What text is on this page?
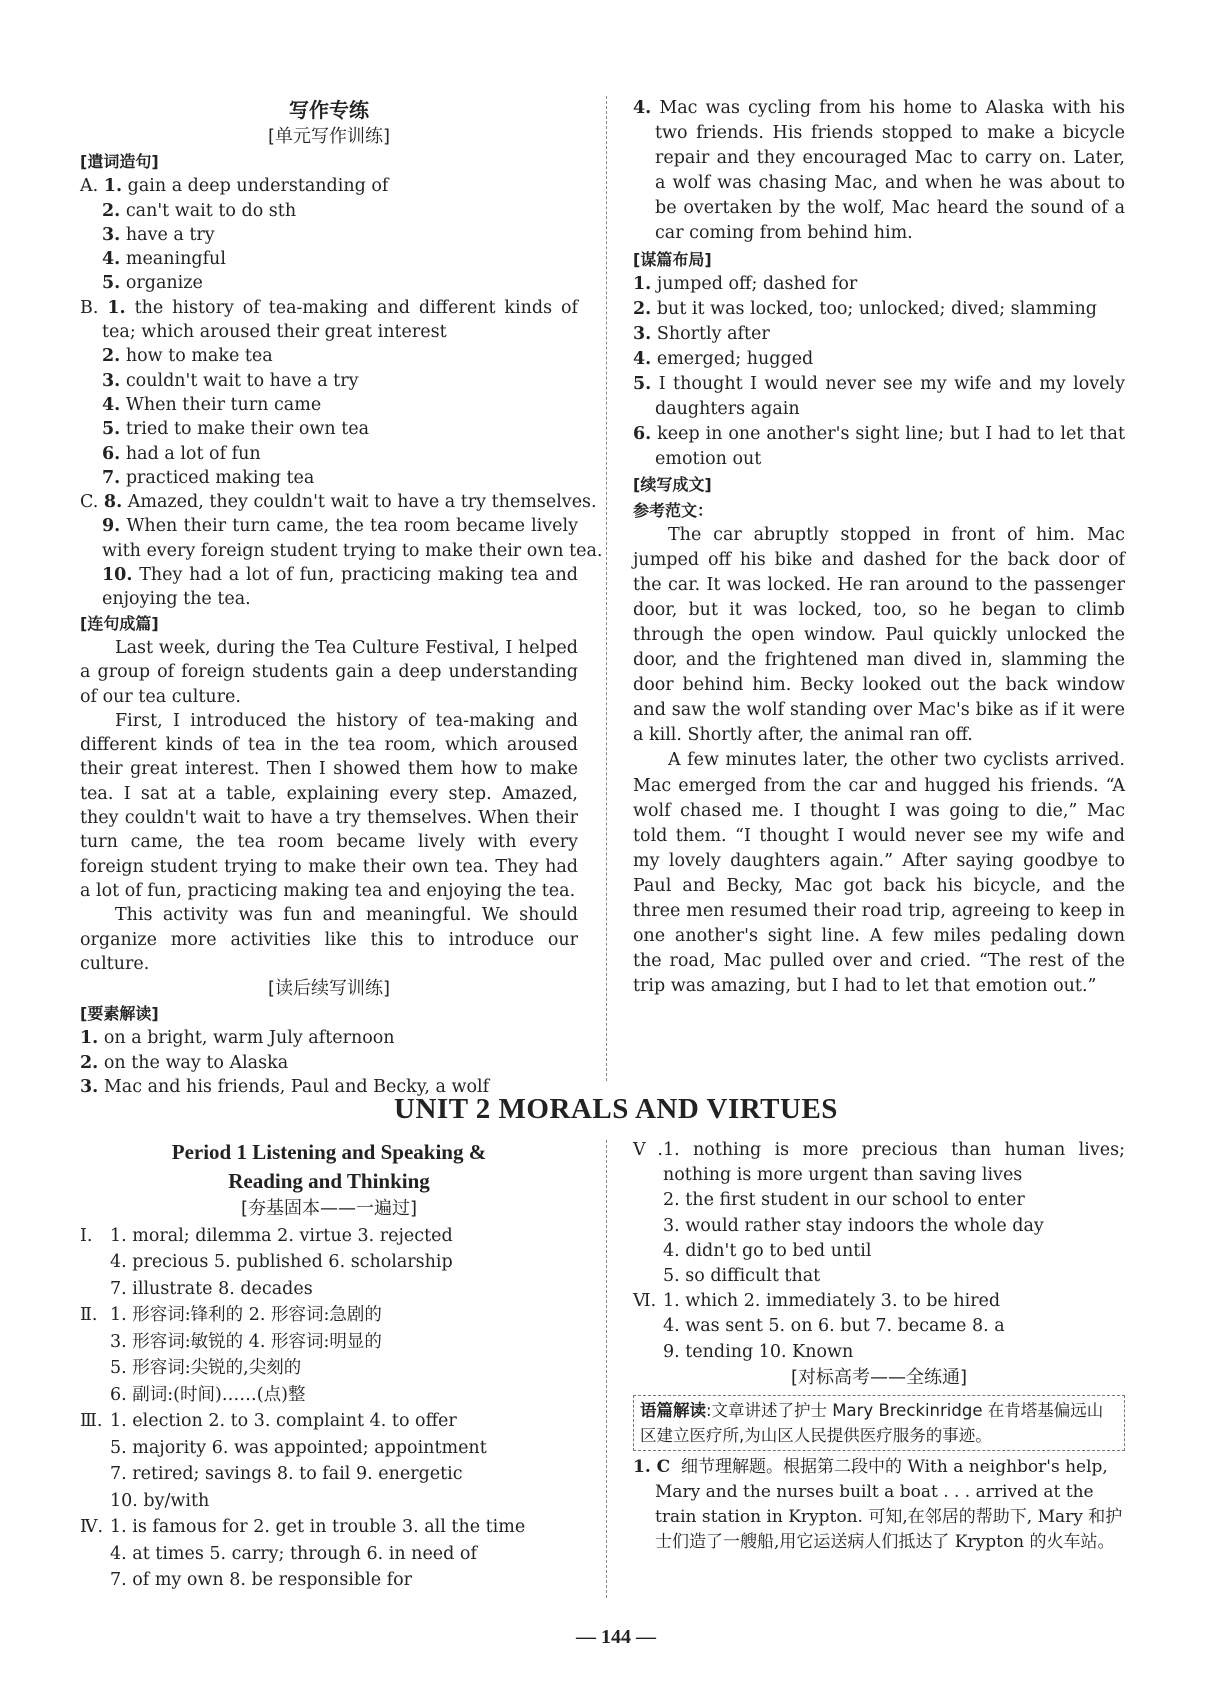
写作专练
[单元写作训练]
[遣词造句]
A. 1. gain a deep understanding of
2. can't wait to do sth
3. have a try
4. meaningful
5. organize
B. 1. the history of tea-making and different kinds of
tea; which aroused their great interest
2. how to make tea
3. couldn't wait to have a try
4. When their turn came
5. tried to make their own tea
6. had a lot of fun
7. practiced making tea
C. 8. Amazed, they couldn't wait to have a try themselves.
9. When their turn came, the tea room became lively
with every foreign student trying to make their own tea.
10. They had a lot of fun, practicing making tea and
enjoying the tea.
[连句成篇]
Last week, during the Tea Culture Festival, I helped a group of foreign students gain a deep understanding of our tea culture.
First, I introduced the history of tea-making and different kinds of tea in the tea room, which aroused their great interest. Then I showed them how to make tea. I sat at a table, explaining every step. Amazed, they couldn't wait to have a try themselves. When their turn came, the tea room became lively with every foreign student trying to make their own tea. They had a lot of fun, practicing making tea and enjoying the tea.
This activity was fun and meaningful. We should organize more activities like this to introduce our culture.
[读后续写训练]
[要素解读]
1. on a bright, warm July afternoon
2. on the way to Alaska
3. Mac and his friends, Paul and Becky, a wolf
4. Mac was cycling from his home to Alaska with his
two friends. His friends stopped to make a bicycle repair and they encouraged Mac to carry on. Later, a wolf was chasing Mac, and when he was about to be overtaken by the wolf, Mac heard the sound of a car coming from behind him.
[谋篇布局]
1. jumped off; dashed for
2. but it was locked, too; unlocked; dived; slamming
3. Shortly after
4. emerged; hugged
5. I thought I would never see my wife and my lovely
daughters again
6. keep in one another's sight line; but I had to let that
emotion out
[续写成文]
参考范文：
The car abruptly stopped in front of him. Mac jumped off his bike and dashed for the back door of the car. It was locked. He ran around to the passenger door, but it was locked, too, so he began to climb through the open window. Paul quickly unlocked the door, and the frightened man dived in, slamming the door behind him. Becky looked out the back window and saw the wolf standing over Mac's bike as if it were a kill. Shortly after, the animal ran off.
A few minutes later, the other two cyclists arrived. Mac emerged from the car and hugged his friends. “A wolf chased me. I thought I was going to die,” Mac told them. “I thought I would never see my wife and my lovely daughters again.” After saying goodbye to Paul and Becky, Mac got back his bicycle, and the three men resumed their road trip, agreeing to keep in one another's sight line. A few miles pedaling down the road, Mac pulled over and cried. “The rest of the trip was amazing, but I had to let that emotion out.”
UNIT 2 MORALS AND VIRTUES
Period 1 Listening and Speaking &
Reading and Thinking
[夯基固本——一遍过]
Ⅰ. 1. moral; dilemma 2. virtue 3. rejected
4. precious 5. published 6. scholarship
7. illustrate 8. decades
Ⅱ. 1. 形容词:锋利的 2. 形容词:急剧的
3. 形容词:敏锐的 4. 形容词:明显的
5. 形容词:尖锐的,尖刻的
6. 副词:(时间)……(点)整
Ⅲ. 1. election 2. to 3. complaint 4. to offer
5. majority 6. was appointed; appointment
7. retired; savings 8. to fail 9. energetic
10. by/with
Ⅳ. 1. is famous for 2. get in trouble 3. all the time
4. at times 5. carry; through 6. in need of
7. of my own 8. be responsible for
Ⅴ.1. nothing is more precious than human lives;
nothing is more urgent than saving lives
2. the first student in our school to enter
3. would rather stay indoors the whole day
4. didn't go to bed until
5. so difficult that
Ⅵ. 1. which 2. immediately 3. to be hired
4. was sent 5. on 6. but 7. became 8. a
9. tending 10. Known
[对标高考——全练通]
语篇解读:文章讲述了护士 Mary Breckinridge 在肯塔基偏远山区建立医疗所,为山区人民提供医疗服务的事迹。
1. C 细节理解题。根据第二段中的 With a neighbor's help, Mary and the nurses built a boat . . . arrived at the train station in Krypton. 可知,在邻居的帮助下, Mary 和护士们造了一艘船,用它运送病人们抵达了 Krypton 的火车站。
— 144 —
